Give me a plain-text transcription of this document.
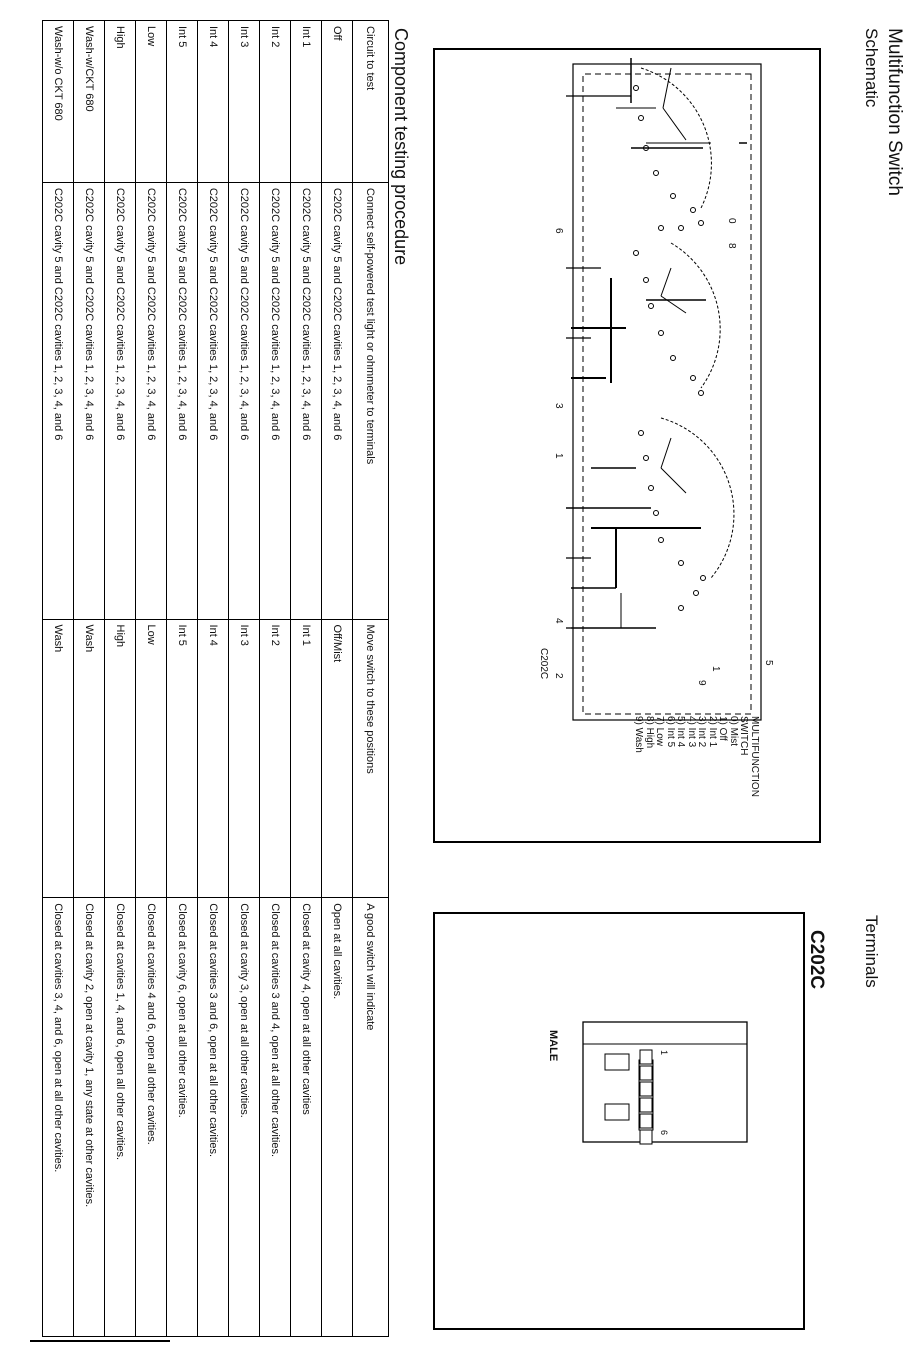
Multifunction Switch
Schematic
Terminals
C202C
0
8
6
3
1
4
2
5
1
9
MULTIFUNCTION
SWITCH
0) Mist
1) Off
2) Int 1
3) Int 2
4) Int 3
5) Int 4
6) Int 5
7) Low
8) High
9) Wash
C202C
MALE	1
6
Component testing procedure
Circuit to test	Connect self-powered test light or ohmmeter to terminals	Move switch to these positions	A good switch will indicate
Off	C202C cavity 5 and C202C cavities 1, 2, 3, 4, and 6	Off/Mist	Open at all cavities.
Int 1	C202C cavity 5 and C202C cavities 1, 2, 3, 4, and 6	Int 1	Closed at cavity 4, open at all other cavities
Int 2	C202C cavity 5 and C202C cavities 1, 2, 3, 4, and 6	Int 2	Closed at cavities 3 and 4, open at all other cavities.
Int 3	C202C cavity 5 and C202C cavities 1, 2, 3, 4, and 6	Int 3	Closed at cavity 3, open at all other cavities.
Int 4	C202C cavity 5 and C202C cavities 1, 2, 3, 4, and 6	Int 4	Closed at cavities 3 and 6, open at all other cavities.
Int 5	C202C cavity 5 and C202C cavities 1, 2, 3, 4, and 6	Int 5	Closed at cavity 6, open at all other cavities.
Low	C202C cavity 5 and C202C cavities 1, 2, 3, 4, and 6	Low	Closed at cavities 4 and 6, open all other cavities.
High	C202C cavity 5 and C202C cavities 1, 2, 3, 4, and 6	High	Closed at cavities 1, 4, and 6, open all other cavities.
Wash-w/CKT 680	C202C cavity 5 and C202C cavities 1, 2, 3, 4, and 6	Wash	Closed at cavity 2, open at cavity 1, any state at other cavities.
Wash-w/o CKT 680	C202C cavity 5 and C202C cavities 1, 2, 3, 4, and 6	Wash	Closed at cavities 3, 4, and 6, open at all other cavities.
